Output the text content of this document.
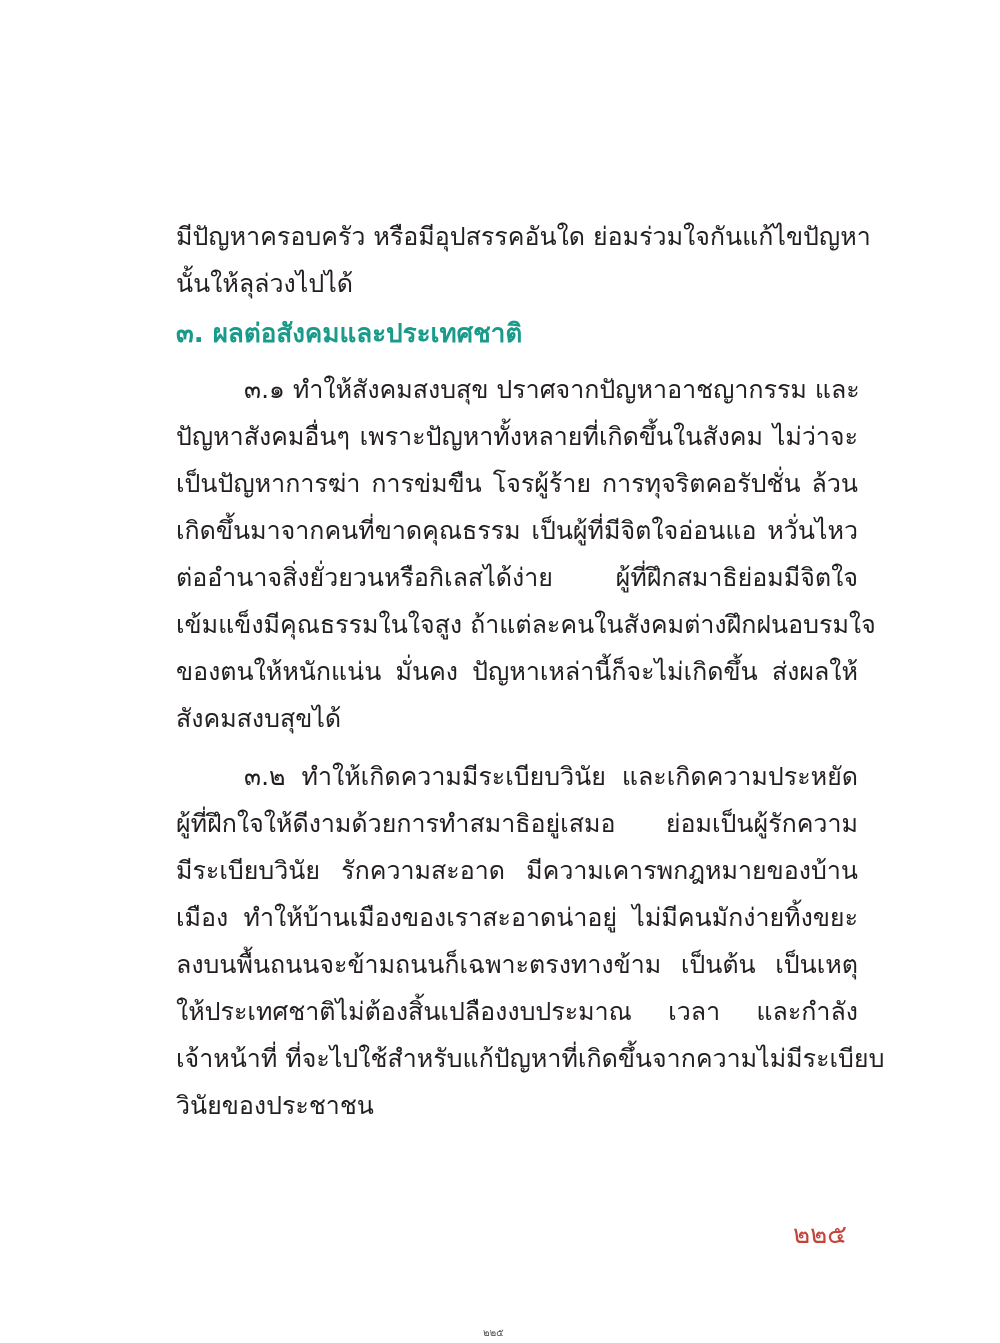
มีปัญหาครอบครัว หรือมีอุปสรรคอันใด ย่อมร่วมใจกันแก้ไขปัญหา
นั้นให้ลุล่วงไปได้
๓. ผลต่อสังคมและประเทศชาติ
๓.๑ ทำให้สังคมสงบสุข ปราศจากปัญหาอาชญากรรม และ
ปัญหาสังคมอื่นๆ เพราะปัญหาทั้งหลายที่เกิดขึ้นในสังคม ไม่ว่าจะ
เป็นปัญหาการฆ่า การข่มขืน โจรผู้ร้าย การทุจริตคอรัปชั่น ล้วน
เกิดขึ้นมาจากคนที่ขาดคุณธรรม เป็นผู้ที่มีจิตใจอ่อนแอ หวั่นไหว
ต่ออำนาจสิ่งยั่วยวนหรือกิเลสได้ง่าย ผู้ที่ฝึกสมาธิย่อมมีจิตใจ
เข้มแข็งมีคุณธรรมในใจสูง ถ้าแต่ละคนในสังคมต่างฝึกฝนอบรมใจ
ของตนให้หนักแน่น มั่นคง ปัญหาเหล่านี้ก็จะไม่เกิดขึ้น ส่งผลให้
สังคมสงบสุขได้
๓.๒ ทำให้เกิดความมีระเบียบวินัย และเกิดความประหยัด
ผู้ที่ฝึกใจให้ดีงามด้วยการทำสมาธิอยู่เสมอ ย่อมเป็นผู้รักความ
มีระเบียบวินัย รักความสะอาด มีความเคารพกฎหมายของบ้าน
เมือง ทำให้บ้านเมืองของเราสะอาดน่าอยู่ ไม่มีคนมักง่ายทิ้งขยะ
ลงบนพื้นถนนจะข้ามถนนก็เฉพาะตรงทางข้าม เป็นต้น เป็นเหตุ
ให้ประเทศชาติไม่ต้องสิ้นเปลืองงบประมาณ เวลา และกำลัง
เจ้าหน้าที่ ที่จะไปใช้สำหรับแก้ปัญหาที่เกิดขึ้นจากความไม่มีระเบียบ
วินัยของประชาชน
๒๒๕
๒๒๕
